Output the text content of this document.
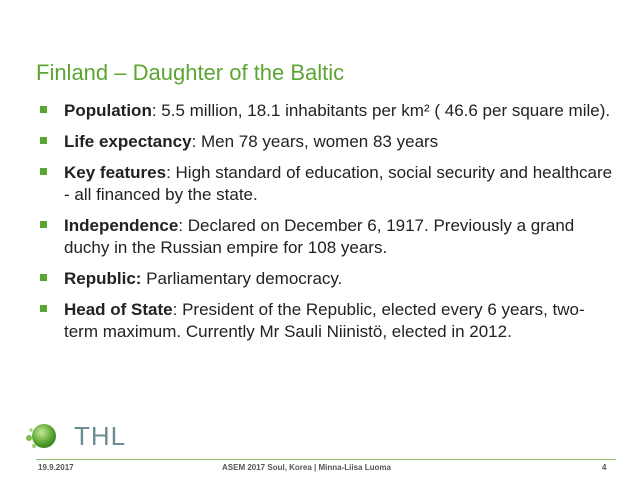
Finland – Daughter of the Baltic
Population: 5.5 million, 18.1 inhabitants per km² ( 46.6 per square mile).
Life expectancy: Men 78 years, women 83 years
Key features: High standard of education, social security and healthcare - all financed by the state.
Independence: Declared on December 6, 1917. Previously a grand duchy in the Russian empire for 108 years.
Republic: Parliamentary democracy.
Head of State: President of the Republic, elected every 6 years, two-term maximum. Currently Mr Sauli Niinistö, elected in 2012.
THL
19.9.2017	ASEM 2017 Soul, Korea | Minna-Liisa Luoma	4
